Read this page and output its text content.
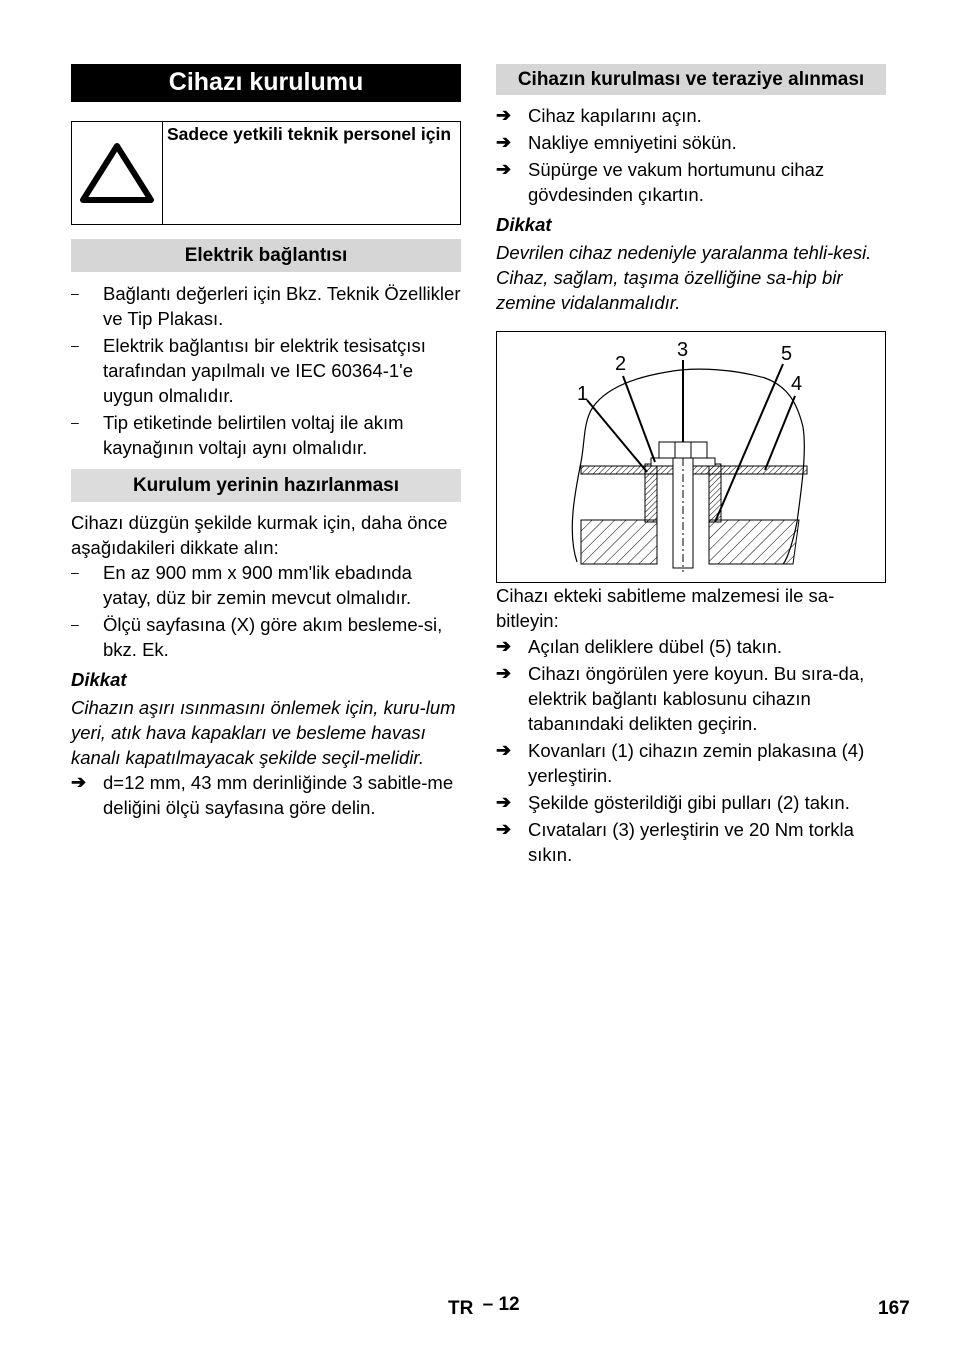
Cihazı kurulumu
Sadece yetkili teknik personel için
Elektrik bağlantısı
–	Bağlantı değerleri için Bkz. Teknik Özellikler ve Tip Plakası.
–	Elektrik bağlantısı bir elektrik tesisatçısı tarafından yapılmalı ve IEC 60364-1'e uygun olmalıdır.
–	Tip etiketinde belirtilen voltaj ile akım kaynağının voltajı aynı olmalıdır.
Kurulum yerinin hazırlanması
Cihazı düzgün şekilde kurmak için, daha önce aşağıdakileri dikkate alın:
–	En az 900 mm x 900 mm'lik ebadında yatay, düz bir zemin mevcut olmalıdır.
–	Ölçü sayfasına (X) göre akım besleme-si, bkz. Ek.
Dikkat
Cihazın aşırı ısınmasını önlemek için, kuru-lum yeri, atık hava kapakları ve besleme havası kanalı kapatılmayacak şekilde seçil-melidir.
➔ d=12 mm, 43 mm derinliğinde 3 sabitle-me deliğini ölçü sayfasına göre delin.
Cihazın kurulması ve teraziye alınması
➔ Cihaz kapılarını açın.
➔ Nakliye emniyetini sökün.
➔ Süpürge ve vakum hortumunu cihaz gövdesinden çıkartın.
Dikkat
Devrilen cihaz nedeniyle yaralanma tehli-kesi. Cihaz, sağlam, taşıma özelliğine sa-hip bir zemine vidalanmalıdır.
1
2
3	5
4
Cihazı ekteki sabitleme malzemesi ile sa-bitleyin:
➔ Açılan deliklere dübel (5) takın.
➔ Cihazı öngörülen yere koyun. Bu sıra-da, elektrik bağlantı kablosunu cihazın tabanındaki delikten geçirin.
➔ Kovanları (1) cihazın zemin plakasına (4) yerleştirin.
➔ Şekilde gösterildiği gibi pulları (2) takın.
➔ Cıvataları (3) yerleştirin ve 20 Nm torkla sıkın.
TR – 12	167
